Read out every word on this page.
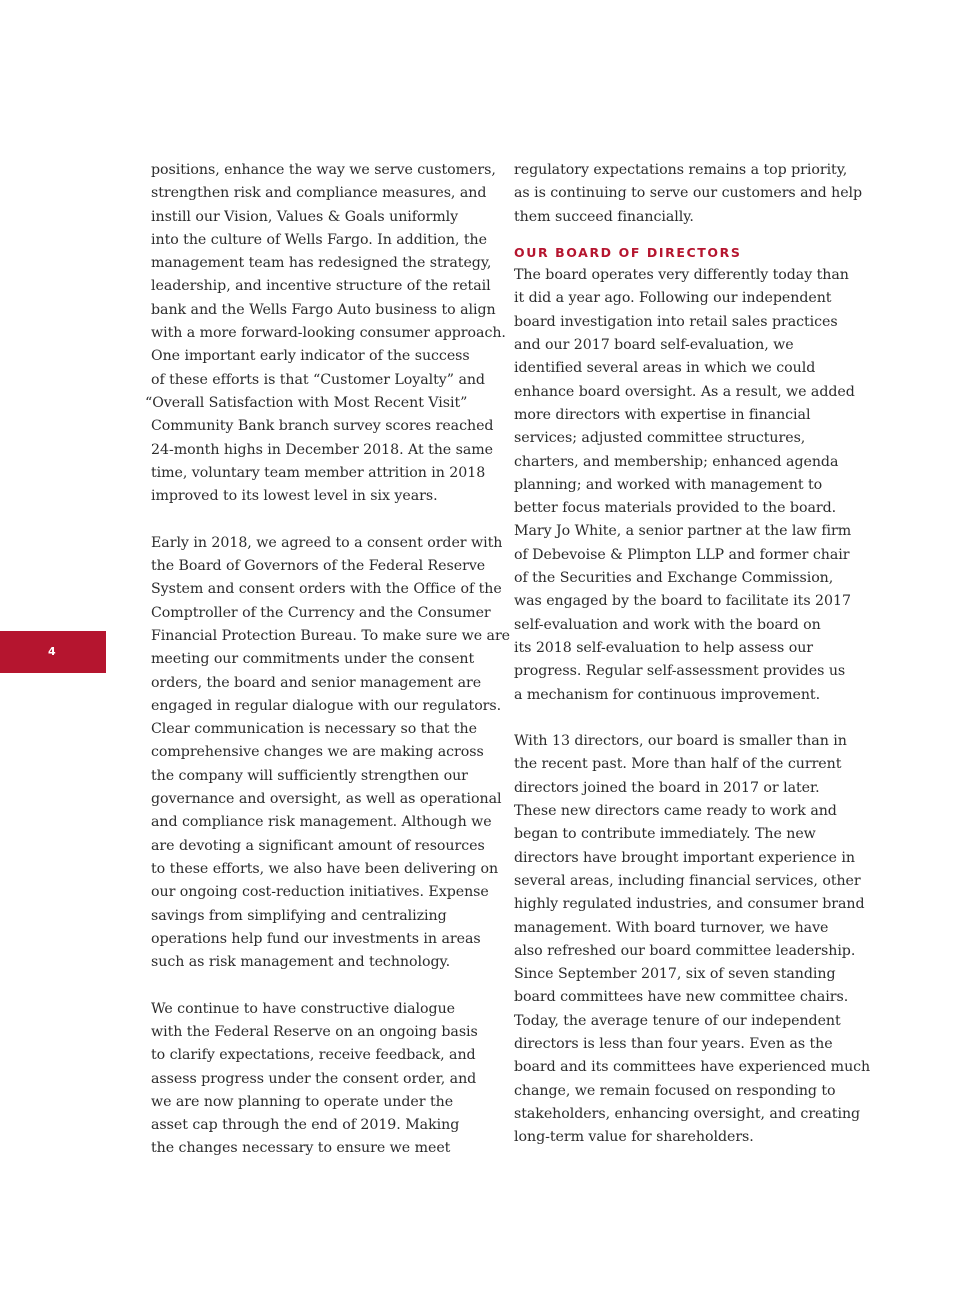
4

positions, enhance the way we serve customers,
strengthen risk and compliance measures, and
instill our Vision, Values & Goals uniformly
into the culture of Wells Fargo. In addition, the
management team has redesigned the strategy,
leadership, and incentive structure of the retail
bank and the Wells Fargo Auto business to align
with a more forward-looking consumer approach.
One important early indicator of the success
of these efforts is that “Customer Loyalty” and
“Overall Satisfaction with Most Recent Visit”
Community Bank branch survey scores reached
24-month highs in December 2018. At the same
time, voluntary team member attrition in 2018
improved to its lowest level in six years.

Early in 2018, we agreed to a consent order with
the Board of Governors of the Federal Reserve
System and consent orders with the Office of the
Comptroller of the Currency and the Consumer
Financial Protection Bureau. To make sure we are
meeting our commitments under the consent
orders, the board and senior management are
engaged in regular dialogue with our regulators.
Clear communication is necessary so that the
comprehensive changes we are making across
the company will sufficiently strengthen our
governance and oversight, as well as operational
and compliance risk management. Although we
are devoting a significant amount of resources
to these efforts, we also have been delivering on
our ongoing cost-reduction initiatives. Expense
savings from simplifying and centralizing
operations help fund our investments in areas
such as risk management and technology.

We continue to have constructive dialogue
with the Federal Reserve on an ongoing basis
to clarify expectations, receive feedback, and
assess progress under the consent order, and
we are now planning to operate under the
asset cap through the end of 2019. Making
the changes necessary to ensure we meet

regulatory expectations remains a top priority,
as is continuing to serve our customers and help
them succeed financially.

OUR BOARD OF DIRECTORS

The board operates very differently today than
it did a year ago. Following our independent
board investigation into retail sales practices
and our 2017 board self-evaluation, we
identified several areas in which we could
enhance board oversight. As a result, we added
more directors with expertise in financial
services; adjusted committee structures,
charters, and membership; enhanced agenda
planning; and worked with management to
better focus materials provided to the board.
Mary Jo White, a senior partner at the law firm
of Debevoise & Plimpton LLP and former chair
of the Securities and Exchange Commission,
was engaged by the board to facilitate its 2017
self-evaluation and work with the board on
its 2018 self-evaluation to help assess our
progress. Regular self-assessment provides us
a mechanism for continuous improvement.

With 13 directors, our board is smaller than in
the recent past. More than half of the current
directors joined the board in 2017 or later.
These new directors came ready to work and
began to contribute immediately. The new
directors have brought important experience in
several areas, including financial services, other
highly regulated industries, and consumer brand
management. With board turnover, we have
also refreshed our board committee leadership.
Since September 2017, six of seven standing
board committees have new committee chairs.
Today, the average tenure of our independent
directors is less than four years. Even as the
board and its committees have experienced much
change, we remain focused on responding to
stakeholders, enhancing oversight, and creating
long-term value for shareholders.
